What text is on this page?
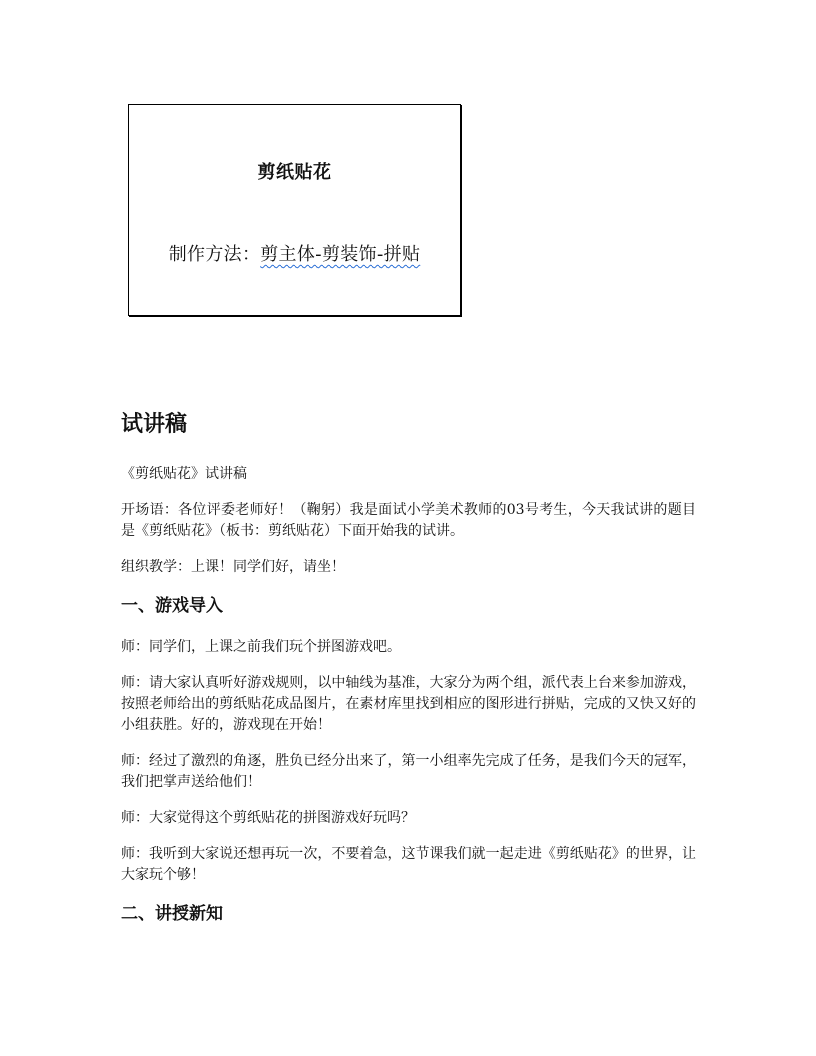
剪纸贴花
制作方法：剪主体-剪装饰-拼贴
试讲稿

《剪纸贴花》试讲稿

开场语：各位评委老师好！（鞠躬）我是面试小学美术教师的03号考生，今天我试讲的题目是《剪纸贴花》（板书：剪纸贴花）下面开始我的试讲。

组织教学：上课！同学们好，请坐！

一、游戏导入

师：同学们，上课之前我们玩个拼图游戏吧。

师：请大家认真听好游戏规则，以中轴线为基准，大家分为两个组，派代表上台来参加游戏，按照老师给出的剪纸贴花成品图片，在素材库里找到相应的图形进行拼贴，完成的又快又好的小组获胜。好的，游戏现在开始！

师：经过了激烈的角逐，胜负已经分出来了，第一小组率先完成了任务，是我们今天的冠军，我们把掌声送给他们！

师：大家觉得这个剪纸贴花的拼图游戏好玩吗？

师：我听到大家说还想再玩一次，不要着急，这节课我们就一起走进《剪纸贴花》的世界，让大家玩个够！

二、讲授新知
